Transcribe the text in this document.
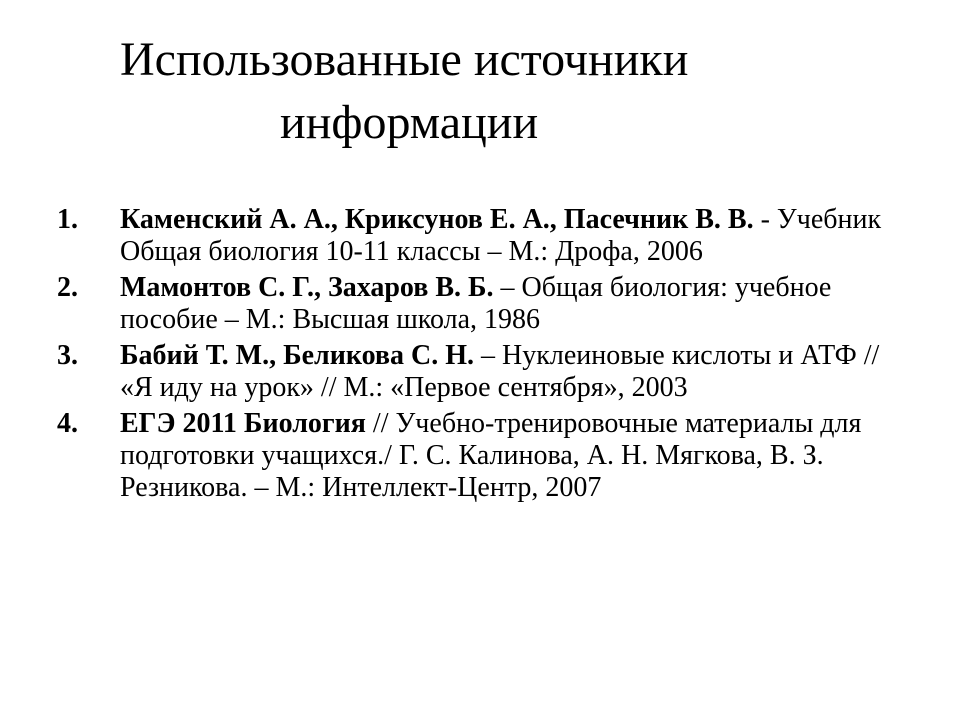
Использованные источники
информации
1. Каменский А. А., Криксунов Е. А., Пасечник В. В. - Учебник Общая биология 10-11 классы – М.: Дрофа, 2006
2. Мамонтов С. Г., Захаров В. Б. – Общая биология: учебное пособие – М.: Высшая школа, 1986
3. Бабий Т. М., Беликова С. Н. – Нуклеиновые кислоты и АТФ // «Я иду на урок» // М.: «Первое сентября», 2003
4. ЕГЭ 2011 Биология // Учебно-тренировочные материалы для подготовки учащихся./ Г. С. Калинова, А. Н. Мягкова, В. З. Резникова. – М.: Интеллект-Центр, 2007
